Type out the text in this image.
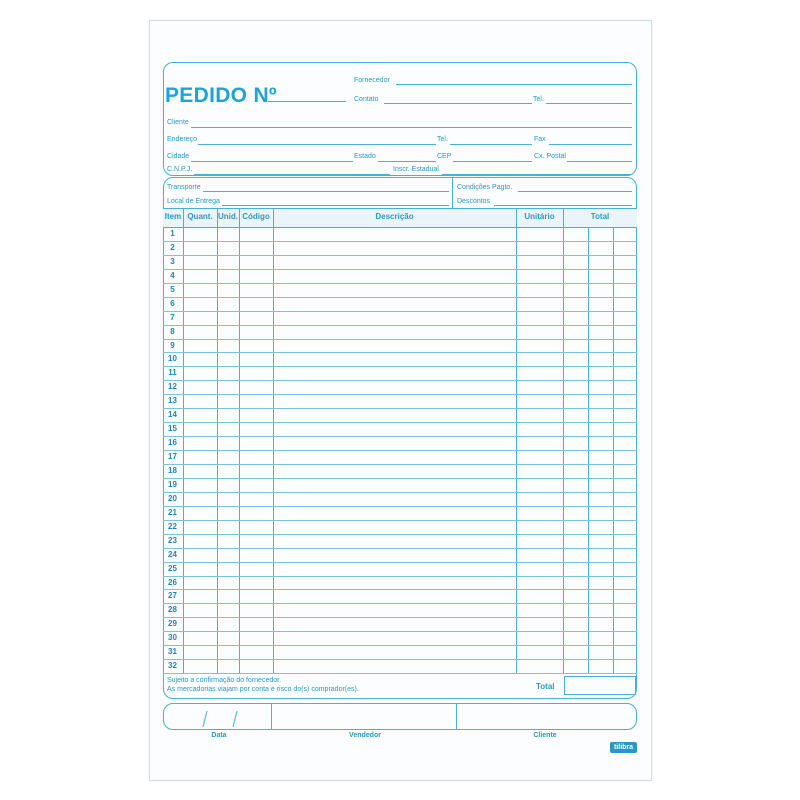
PEDIDO Nº
Fornecedor
Contato	Tel.
Cliente
Endereço	Tel.	Fax
Cidade	Estado	CEP	Cx. Postal
C.N.P.J.	Inscr. Estadual
Transporte
Local de Entrega
Condições Pagto.
Descontos
Item Quant. Unid. Código	Descrição	Unitário	Total
1
2
3
4
5
6
7
8
9
10
11
12
13
14
15
16
17
18
19
20
21
22
23
24
25
26
27
28
29
30
31
32
Sujeito a confirmação do fornecedor.
As mercadorias viajam por conta e risco do(s) comprador(es).	Total
Data	Vendedor	Cliente
tilibra
